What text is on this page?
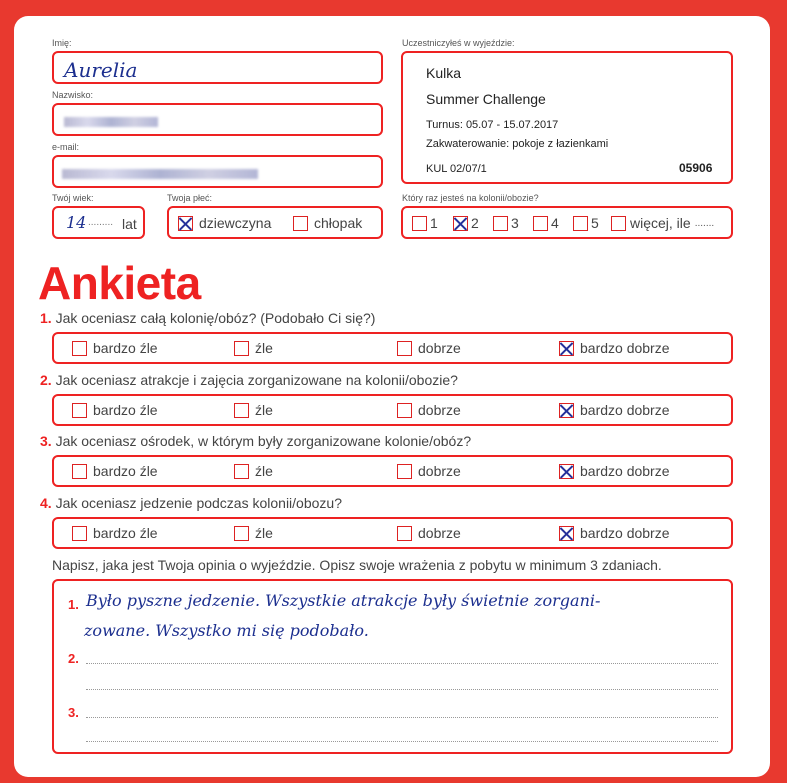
Imię:
Aurelia
Nazwisko:
e-mail:
Twój wiek:
14 ......... lat
Twoja płeć:
dziewczyna	chłopak
Uczestniczyłeś w wyjeździe:
Kulka
Summer Challenge
Turnus: 05.07 - 15.07.2017
Zakwaterowanie: pokoje z łazienkami
KUL 02/07/1	05906
Który raz jesteś na kolonii/obozie?
1 2 3 4 5 więcej, ile .......
Ankieta
1. Jak oceniasz całą kolonię/obóz? (Podobało Ci się?)
bardzo źle	źle	dobrze	bardzo dobrze
2. Jak oceniasz atrakcje i zajęcia zorganizowane na kolonii/obozie?
bardzo źle	źle	dobrze	bardzo dobrze
3. Jak oceniasz ośrodek, w którym były zorganizowane kolonie/obóz?
bardzo źle	źle	dobrze	bardzo dobrze
4. Jak oceniasz jedzenie podczas kolonii/obozu?
bardzo źle	źle	dobrze	bardzo dobrze
Napisz, jaka jest Twoja opinia o wyjeździe. Opisz swoje wrażenia z pobytu w minimum 3 zdaniach.
1. Było pyszne jedzenie. Wszystkie atrakcje były świetnie zorgani-
zowane. Wszystko mi się podobało.
2.
3.
